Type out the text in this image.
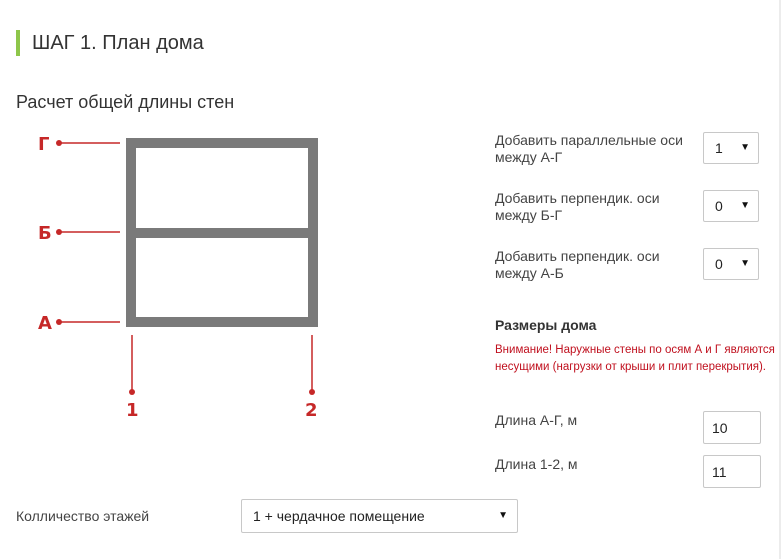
ШАГ 1. План дома
Расчет общей длины стен
Г
Б
А
1	2
Добавить параллельные оси между А-Г
1 ▼
Добавить перпендик. оси между Б-Г
0 ▼
Добавить перпендик. оси между А-Б
0 ▼
Размеры дома
Внимание! Наружные стены по осям А и Г являются несущими (нагрузки от крыши и плит перекрытия).
Длина А-Г, м	10
Длина 1-2, м	11
Колличество этажей	1 + чердачное помещение	▼
